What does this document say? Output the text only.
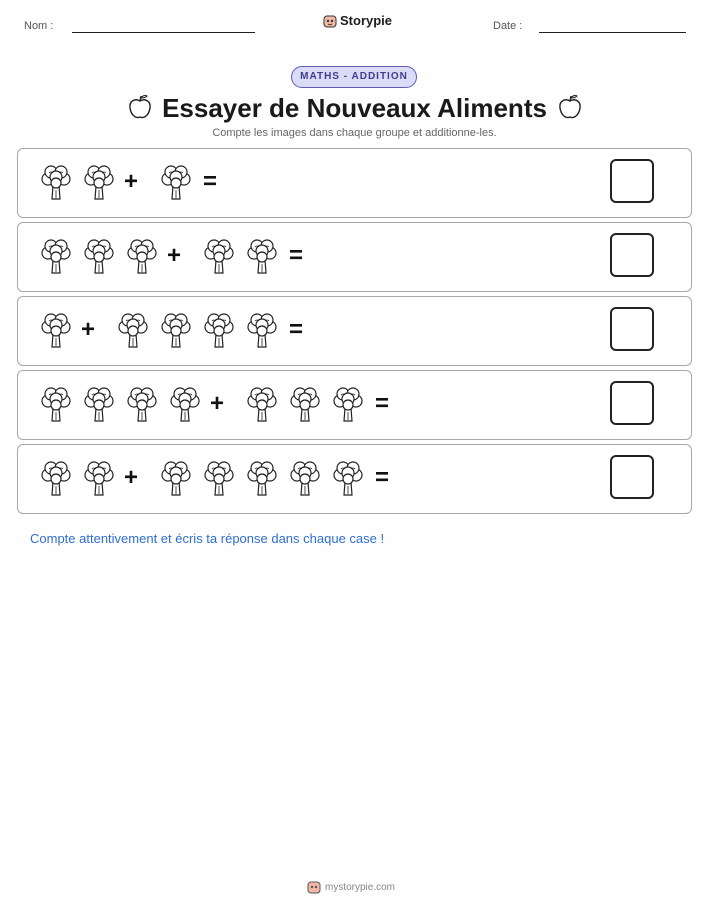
Nom :	Storypie	Date :
MATHS - ADDITION
Essayer de Nouveaux Aliments
Compte les images dans chaque groupe et additionne-les.
+	=
+	=
+	=
+	=
+	=
Compte attentivement et écris ta réponse dans chaque case !
mystorypie.com
